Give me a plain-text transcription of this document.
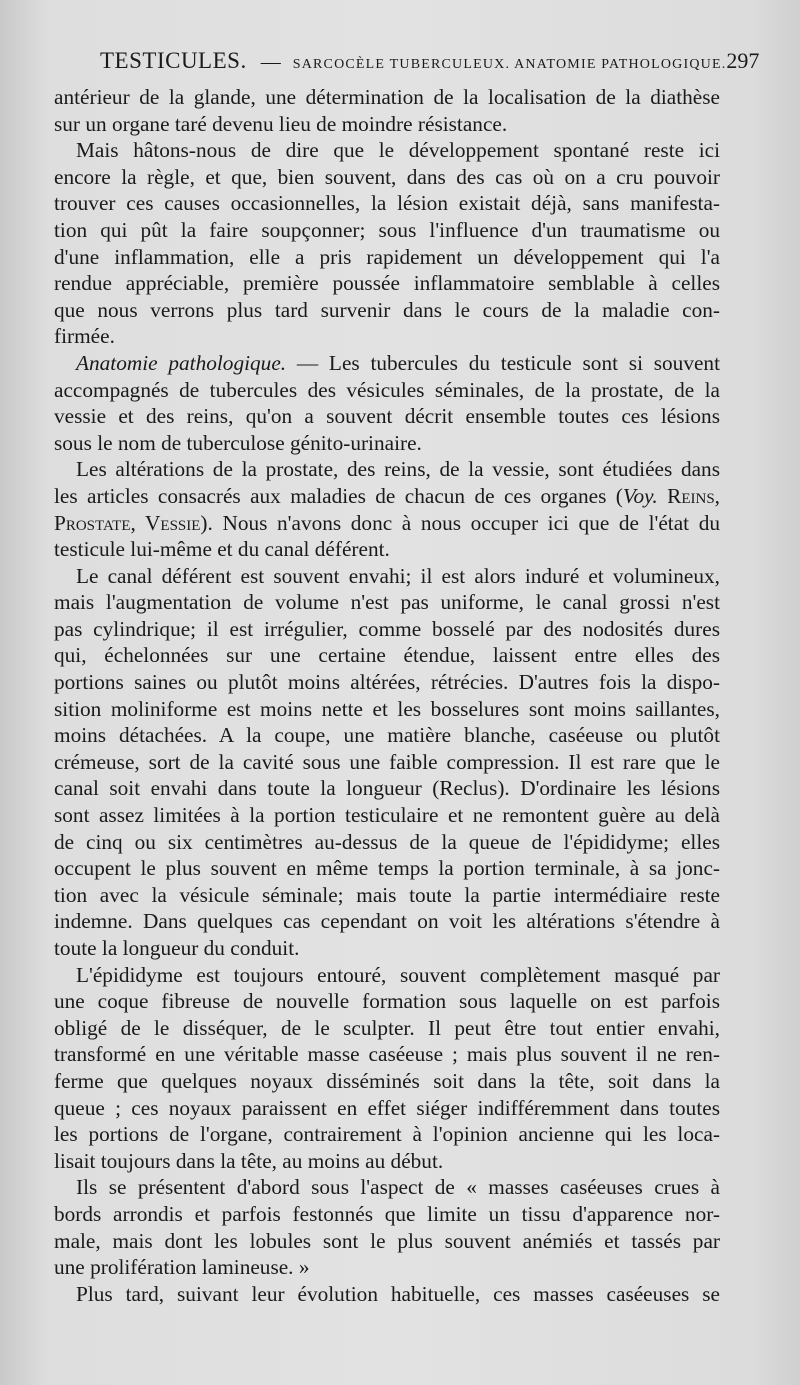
TESTICULES. — SARCOCÈLE TUBERCULEUX. ANATOMIE PATHOLOGIQUE. 297
antérieur de la glande, une détermination de la localisation de la diathèse
sur un organe taré devenu lieu de moindre résistance.
Mais hâtons-nous de dire que le développement spontané reste ici
encore la règle, et que, bien souvent, dans des cas où on a cru pouvoir
trouver ces causes occasionnelles, la lésion existait déjà, sans manifesta-
tion qui pût la faire soupçonner; sous l'influence d'un traumatisme ou
d'une inflammation, elle a pris rapidement un développement qui l'a
rendue appréciable, première poussée inflammatoire semblable à celles
que nous verrons plus tard survenir dans le cours de la maladie con-
firmée.
Anatomie pathologique. — Les tubercules du testicule sont si souvent
accompagnés de tubercules des vésicules séminales, de la prostate, de la
vessie et des reins, qu'on a souvent décrit ensemble toutes ces lésions
sous le nom de tuberculose génito-urinaire.
Les altérations de la prostate, des reins, de la vessie, sont étudiées dans
les articles consacrés aux maladies de chacun de ces organes (Voy. Reins,
Prostate, Vessie). Nous n'avons donc à nous occuper ici que de l'état du
testicule lui-même et du canal déférent.
Le canal déférent est souvent envahi; il est alors induré et volumineux,
mais l'augmentation de volume n'est pas uniforme, le canal grossi n'est
pas cylindrique; il est irrégulier, comme bosselé par des nodosités dures
qui, échelonnées sur une certaine étendue, laissent entre elles des
portions saines ou plutôt moins altérées, rétrécies. D'autres fois la dispo-
sition moliniforme est moins nette et les bosselures sont moins saillantes,
moins détachées. A la coupe, une matière blanche, caséeuse ou plutôt
crémeuse, sort de la cavité sous une faible compression. Il est rare que le
canal soit envahi dans toute la longueur (Reclus). D'ordinaire les lésions
sont assez limitées à la portion testiculaire et ne remontent guère au delà
de cinq ou six centimètres au-dessus de la queue de l'épididyme; elles
occupent le plus souvent en même temps la portion terminale, à sa jonc-
tion avec la vésicule séminale; mais toute la partie intermédiaire reste
indemne. Dans quelques cas cependant on voit les altérations s'étendre à
toute la longueur du conduit.
L'épididyme est toujours entouré, souvent complètement masqué par
une coque fibreuse de nouvelle formation sous laquelle on est parfois
obligé de le disséquer, de le sculpter. Il peut être tout entier envahi,
transformé en une véritable masse caséeuse ; mais plus souvent il ne ren-
ferme que quelques noyaux disséminés soit dans la tête, soit dans la
queue ; ces noyaux paraissent en effet siéger indifféremment dans toutes
les portions de l'organe, contrairement à l'opinion ancienne qui les loca-
lisait toujours dans la tête, au moins au début.
Ils se présentent d'abord sous l'aspect de « masses caséeuses crues à
bords arrondis et parfois festonnés que limite un tissu d'apparence nor-
male, mais dont les lobules sont le plus souvent anémiés et tassés par
une prolifération lamineuse. »
Plus tard, suivant leur évolution habituelle, ces masses caséeuses se
